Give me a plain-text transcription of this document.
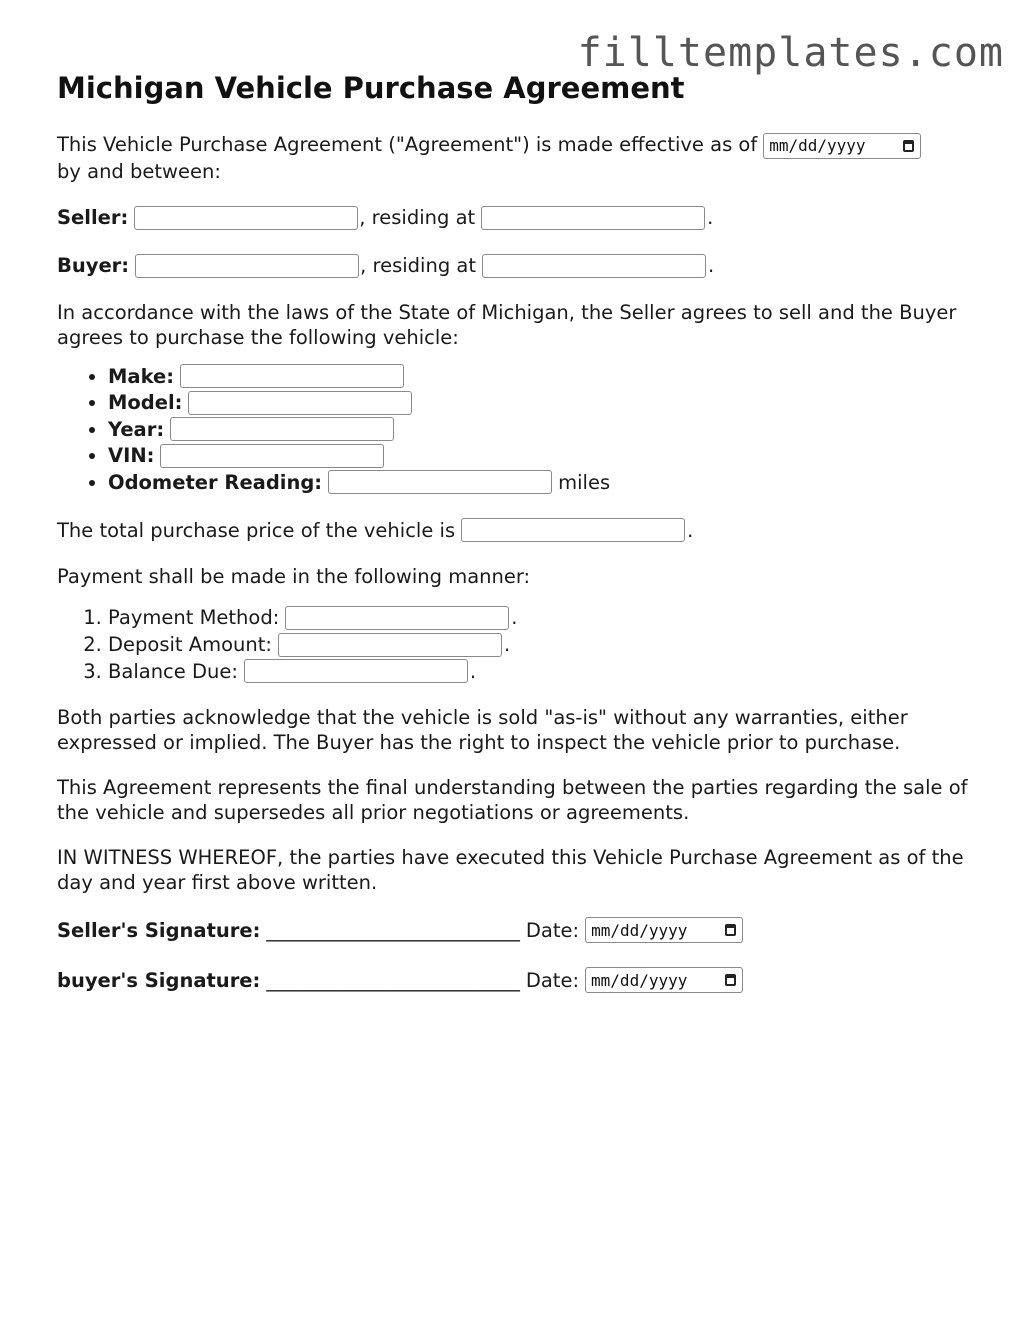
filltemplates.com
Michigan Vehicle Purchase Agreement

This Vehicle Purchase Agreement ("Agreement") is made effective as of mm/dd/yyyy

by and between:

Seller:	, residing at	.
Buyer:	, residing at	.

In accordance with the laws of the State of Michigan, the Seller agrees to sell and the Buyer agrees to purchase the following vehicle:

• Make:
• Model:
• Year:
• VIN:
• Odometer Reading:	miles
The total purchase price of the vehicle is	.

Payment shall be made in the following manner:

1. Payment Method:	.
2. Deposit Amount:	.
3. Balance Due:	.

Both parties acknowledge that the vehicle is sold "as-is" without any warranties, either expressed or implied. The Buyer has the right to inspect the vehicle prior to purchase.

This Agreement represents the final understanding between the parties regarding the sale of the vehicle and supersedes all prior negotiations or agreements.

IN WITNESS WHEREOF, the parties have executed this Vehicle Purchase Agreement as of the day and year first above written.

Seller's Signature: __________________________ Date: mm/dd/yyyy
buyer's Signature: __________________________ Date: mm/dd/yyyy
